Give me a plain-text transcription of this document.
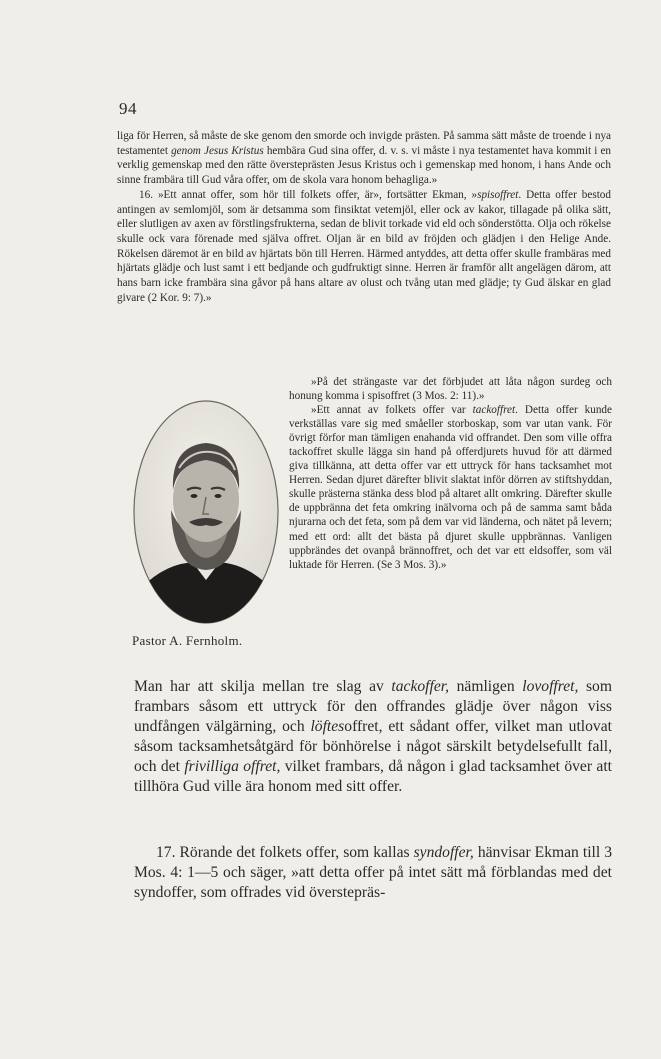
94

liga för Herren, så måste de ske genom den smorde och invigde prästen. På samma sätt måste de troende i nya testamentet genom Jesus Kristus hembära Gud sina offer, d. v. s. vi måste i nya testamentet hava kommit i en verklig gemenskap med den rätte översteprästen Jesus Kristus och i gemenskap med honom, i hans Ande och sinne frambära till Gud våra offer, om de skola vara honom behagliga.»

16. »Ett annat offer, som hör till folkets offer, är», fortsätter Ekman, »spisoffret. Detta offer bestod antingen av semlomjöl, som är detsamma som finsiktat vetemjöl, eller ock av kakor, tillagade på olika sätt, eller slutligen av axen av förstlingsfrukterna, sedan de blivit torkade vid eld och sönderstötta. Olja och rökelse skulle ock vara förenade med själva offret. Oljan är en bild av fröjden och glädjen i den Helige Ande. Rökelsen däremot är en bild av hjärtats bön till Herren. Härmed antyddes, att detta offer skulle frambäras med hjärtats glädje och lust samt i ett bedjande och gudfruktigt sinne. Herren är framför allt angelägen därom, att hans barn icke frambära sina gåvor på hans altare av olust och tvång utan med glädje; ty Gud älskar en glad givare (2 Kor. 9: 7).»

Pastor A. Fernholm.

»På det strängaste var det förbjudet att låta någon surdeg och honung komma i spisoffret (3 Mos. 2: 11).»

»Ett annat av folkets offer var tackoffret. Detta offer kunde verkställas vare sig med småeller storboskap, som var utan vank. För övrigt förfor man tämligen enahanda vid offrandet. Den som ville offra tackoffret skulle lägga sin hand på offerdjurets huvud för att därmed giva tillkänna, att detta offer var ett uttryck för hans tacksamhet mot Herren. Sedan djuret därefter blivit slaktat inför dörren av stiftshyddan, skulle prästerna stänka dess blod på altaret allt omkring. Därefter skulle de uppbränna det feta omkring inälvorna och på de samma samt båda njurarna och det feta, som på dem var vid länderna, och nätet på levern; med ett ord: allt det bästa på djuret skulle uppbrännas. Vanligen uppbrändes det ovanpå brännoffret, och det var ett eldsoffer, som väl luktade för Herren. (Se 3 Mos. 3).»

Man har att skilja mellan tre slag av tackoffer, nämligen lovoffret, som frambars såsom ett uttryck för den offrandes glädje över någon viss undfången välgärning, och löftesoffret, ett sådant offer, vilket man utlovat såsom tacksamhetsåtgärd för bönhörelse i något särskilt betydelsefullt fall, och det frivilliga offret, vilket frambars, då någon i glad tacksamhet över att tillhöra Gud ville ära honom med sitt offer.

17. Rörande det folkets offer, som kallas syndoffer, hänvisar Ekman till 3 Mos. 4: 1—5 och säger, »att detta offer på intet sätt må förblandas med det syndoffer, som offrades vid överstepräs-
